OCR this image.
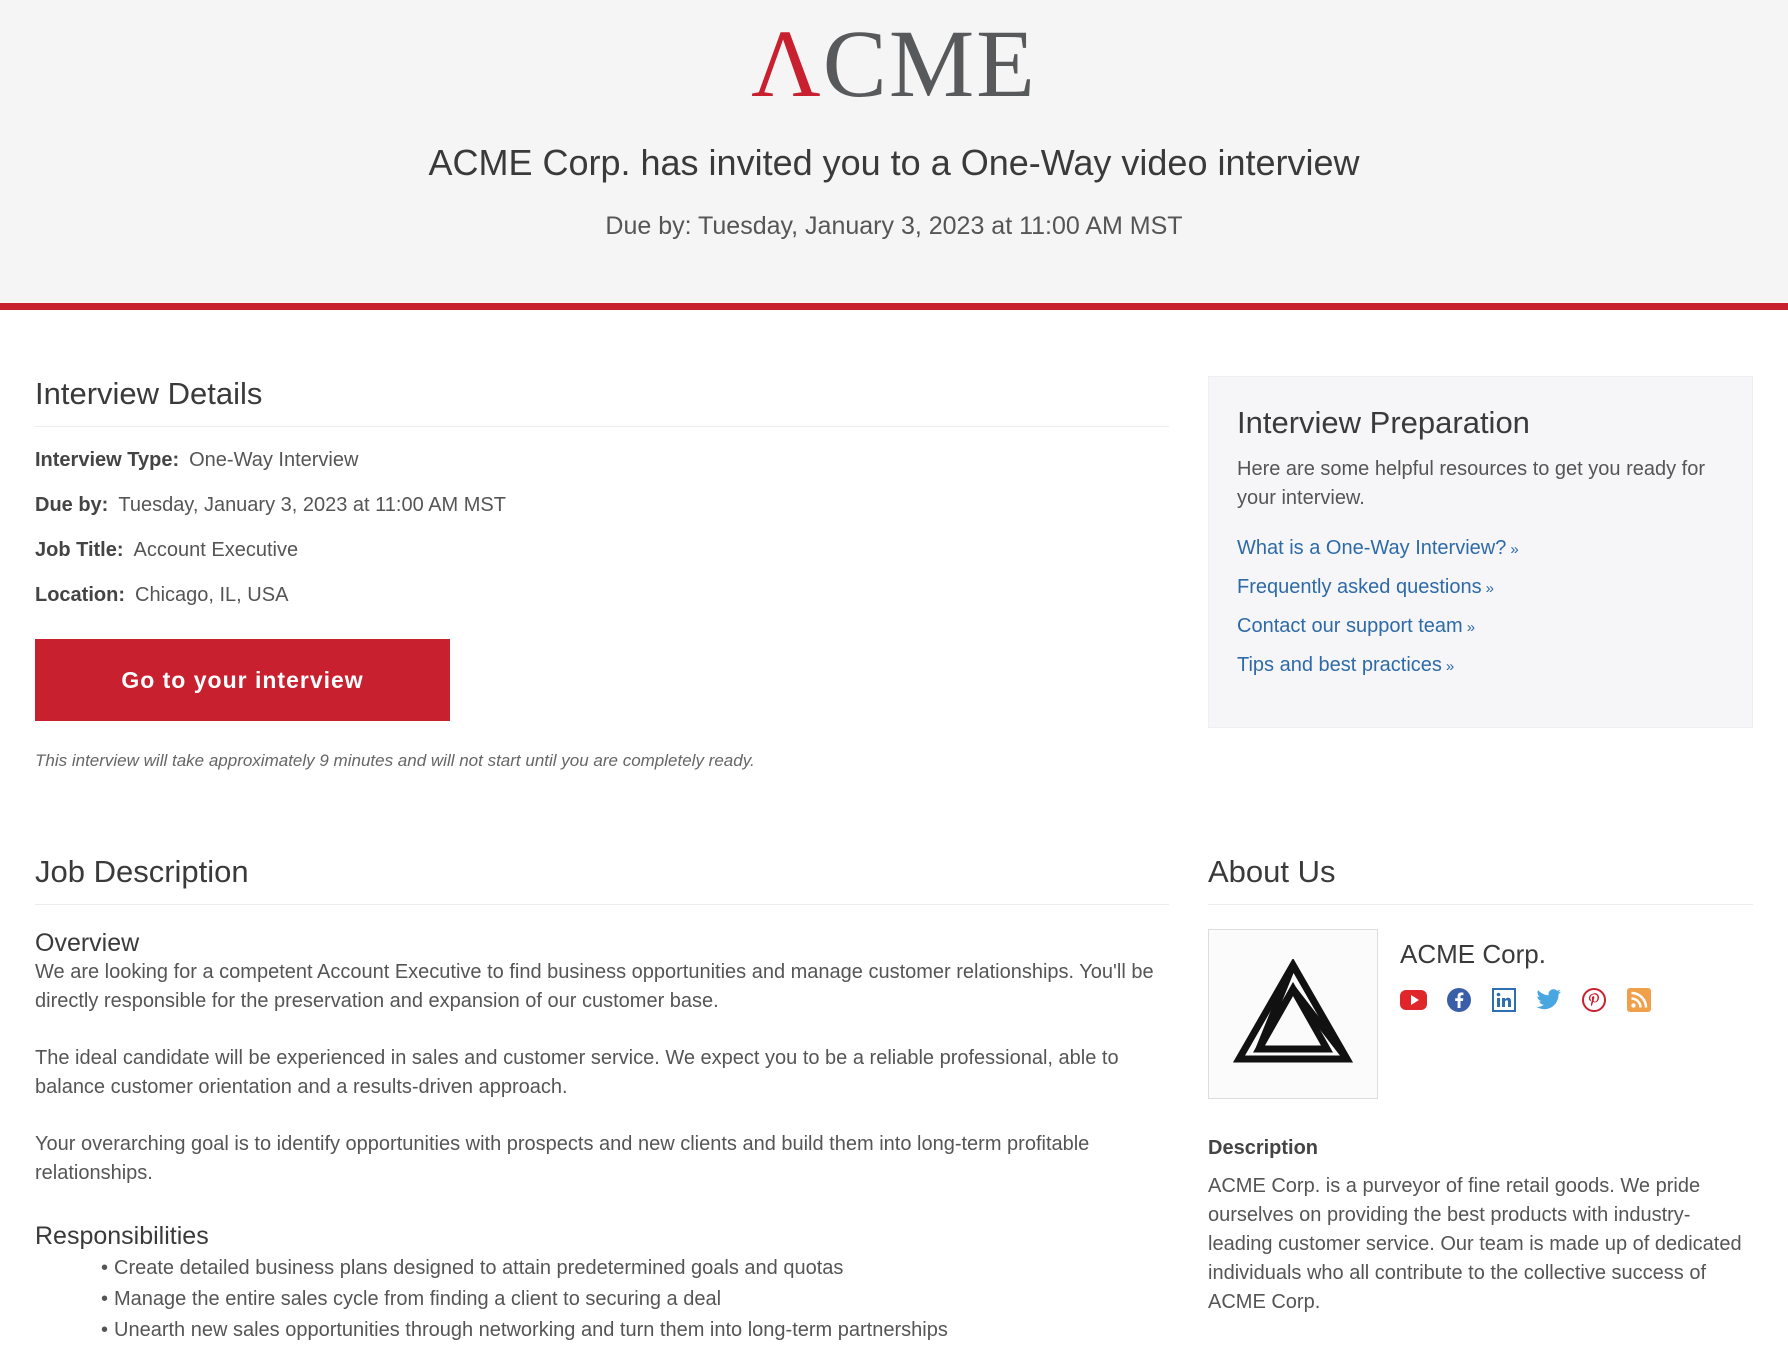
ΛCME
ACME Corp. has invited you to a One-Way video interview
Due by: Tuesday, January 3, 2023 at 11:00 AM MST
Interview Details
Interview Type: One-Way Interview
Due by: Tuesday, January 3, 2023 at 11:00 AM MST
Job Title: Account Executive
Location: Chicago, IL, USA
Go to your interview
This interview will take approximately 9 minutes and will not start until you are completely ready.
Interview Preparation
Here are some helpful resources to get you ready for your interview.
What is a One-Way Interview? »
Frequently asked questions »
Contact our support team »
Tips and best practices »
Job Description
Overview

We are looking for a competent Account Executive to find business opportunities and manage customer relationships. You'll be directly responsible for the preservation and expansion of our customer base.

The ideal candidate will be experienced in sales and customer service. We expect you to be a reliable professional, able to balance customer orientation and a results-driven approach.

Your overarching goal is to identify opportunities with prospects and new clients and build them into long-term profitable relationships.

Responsibilities
• Create detailed business plans designed to attain predetermined goals and quotas
• Manage the entire sales cycle from finding a client to securing a deal
• Unearth new sales opportunities through networking and turn them into long-term partnerships
About Us
ACME Corp.
Description
ACME Corp. is a purveyor of fine retail goods. We pride ourselves on providing the best products with industry-leading customer service. Our team is made up of dedicated individuals who all contribute to the collective success of ACME Corp.
